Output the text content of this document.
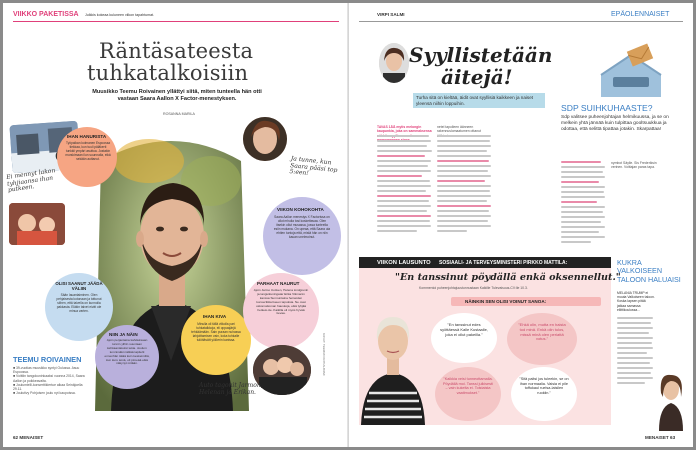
VIIKKO PAKETISSA Julkkis kokeaa kuluneen viikon tapahtumat.
Räntäsateesta
tuhkatalkoisiin
Muusikko Teemu Roivainen yllättyi siitä, miten tunteella hän otti vastaan Saara Aallon X Factor-menestyksen.
ROSANNA MARILA
IHAN HANURISTA
Työpaikan kolmanen Espoossa tiekkaa, kun tuuli päläkerti tunkkii ympäri asuttua. Jostakin murskimaan ilun suunnalla, eikä sekään auttanut.
Ei mennyt lakon tyhjiaansa ihan putkeen.
Ja tunne, kun Saara pääsi top 5:een!
VIIKON KOHOKOHTA
Saara Aallon menestys X Factorissa on ollut mhuila tosi koskettavaa. Olen itsekin ollut musassa, jossa tunteella esiin mukana. On upeaa, että Saara uia ehtien tuntoja että, mistä hän on niin kauan unelmoinut.
OLISI SAANUT JÄÄDÄ VÄLIIN
Sään lauantaiminen. Olen pehjaisesta kotonaan ja tottunut siihen, että talvella on kunnolla pakkasta. Eläkin talvet eivät ole minua varten.
NIIN JA NÄIN
Ajoin perjantaina kahdeksaan tunnin ylihin suuntaan kehkaantatuksi tekia. Joulum lemnimäki näitiää tapitelti ennenhän tätää kuin keskeimiltä, kun kuru teinä, oli pimeää eikä näkynyt mitään.
IHAN KIVA
Minulla oli tällä viikolla pari tuhkatalkkoja, eli oppaajärjä tehkäämään. Sain puraan nuhassa lahjoittamisen vain, koka tuhkalle tulöttävätt yölöerin kanissa.
PARHAAT NAURUT
Ajoin Jarmo Uotisen, Helena Lindgrenin ja tanguikuningatar Erika Vikmanin kanssa Sunnuntaina heineiden konserttikiertueen tapuksia. Ne ovat uskomattoman hauskoja, eikä tyhjää hetkeä ole. Kaikilla oli myös hyvää tievaa.
Auto tagonit Jarmon, Helenan ja Erikan.
TEEMU ROIVAINEN
■ 39-vuotias muusikko syntyi Oulussa. Asuu Espoossa.
■ Voittiin tangokuninkaaksi vuonna 2014, Saara Aallon ja poikkeavalta.
■ Joulumielli-konserttikiertue alkaa Seinäjoella 29.11.
■ Joulutivy Pohjoisen joulu nyt kaupoissa.
KUVAT: TEEMUN KOTIALBUMI
62 MENAISET
VIRPI SALMI	EPÄOLENNAISET
Syyllistetään
äitejä!
Turha sitä on kieltää, äidit ovat syyllisiä kaikkeen ja naiset yleensä niihin loppuihin.
TAVAS 1ÄÄ mytis melongin kaupunkia, joka on sammaksensa
netel tapolleen äänneen rakennuslomaatumen ottanut
nymbot Säylle. Sis Frederiksin verinen. Voittajan paras tapa.
SDP SUIHKUHAASTE?
Sdp valitsee puheenjohtajan helmikuussa, ja se on melkein yhtä jännää kuin tulpittaa gooltsuukkua ja odottaa, että selittä tipattaa jotakin. Skarpattaa!
VIIKON LAUSUNTO SOSIAALI- JA TERVEYSMINISTERI PIRKKO MATTILA:
"En tanssinut pöydällä enkä oksennellut."
Kommentoi puheenjohtajuustunnustaan Kaikille Tulevaisuus-CV:lle 10.3.
NÄINKIN SEN OLISI VOINUT SANOA:
"En tanssinut edes syöttäessä Kalle Kustaalle, joka ei ollut pakeilla."
"Ehkä olin, mutta en haista tod minä. Enkä olin tulos, missä minä olen periattä votus."
"Kaikkia veisi tunneottamalla. Pöydällä moi. Tanssi julkisesti – vain kukelta ei. Toistaista vaatimukset."
"Sitä paitsi jos tuleekin, se on ihan normaalia. Vaisia ei pile toffukaul ruelsa-laisilen ruokiin."
KUKRA VALKOISEEN TALOON HALUAISI
MELANIA TRUMP ei muuta Valkoiseen taloon. Koska lapsen pitää jatkaa samassa eliittikoulussa...
MENAISET 63
